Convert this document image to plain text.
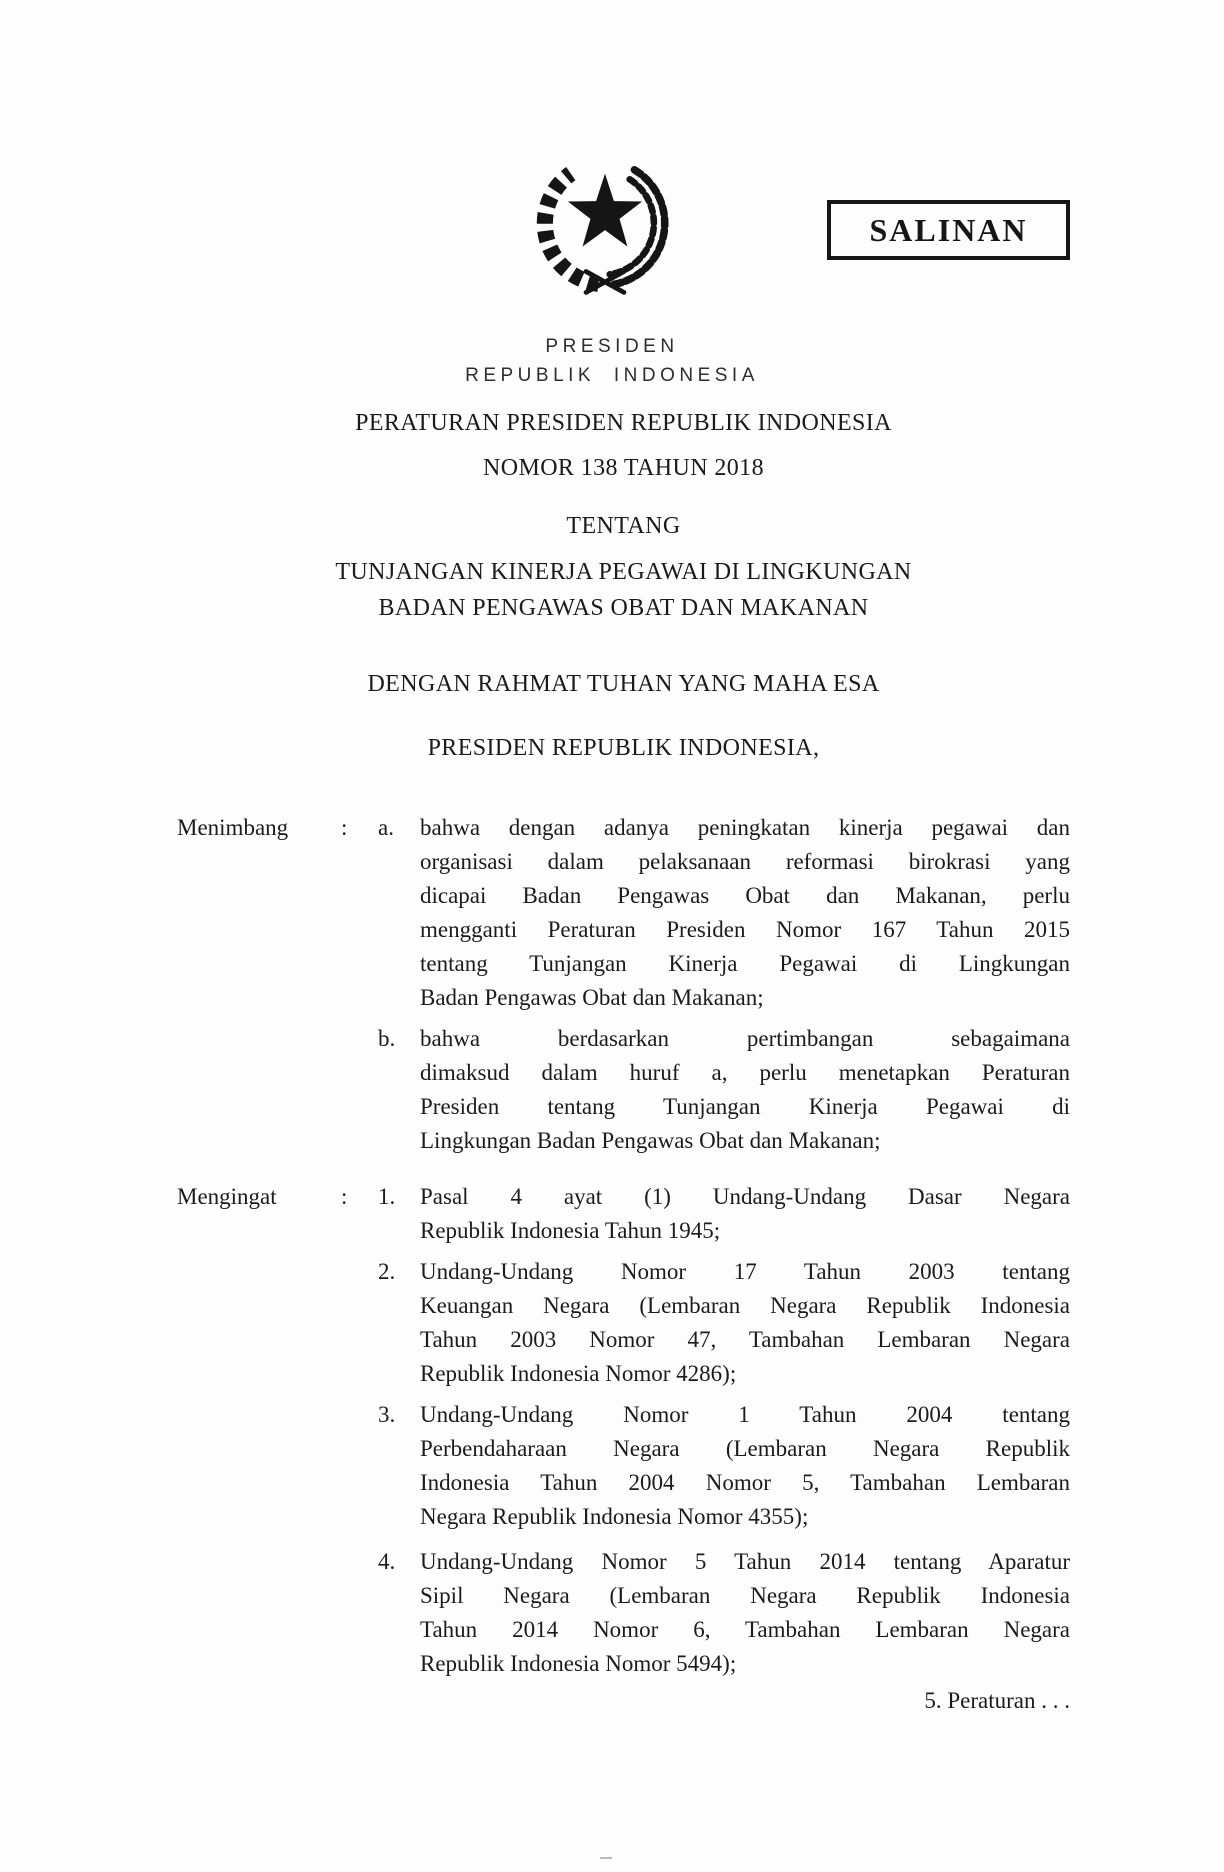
SALINAN
PRESIDEN
REPUBLIK INDONESIA
PERATURAN PRESIDEN REPUBLIK INDONESIA
NOMOR 138 TAHUN 2018
TENTANG
TUNJANGAN KINERJA PEGAWAI DI LINGKUNGAN
BADAN PENGAWAS OBAT DAN MAKANAN
DENGAN RAHMAT TUHAN YANG MAHA ESA
PRESIDEN REPUBLIK INDONESIA,
Menimbang	:	a.	bahwa dengan adanya peningkatan kinerja pegawai dan
organisasi dalam pelaksanaan reformasi birokrasi yang
dicapai Badan Pengawas Obat dan Makanan, perlu
mengganti Peraturan Presiden Nomor 167 Tahun 2015
tentang Tunjangan Kinerja Pegawai di Lingkungan
Badan Pengawas Obat dan Makanan;
b.	bahwa berdasarkan pertimbangan sebagaimana
dimaksud dalam huruf a, perlu menetapkan Peraturan
Presiden tentang Tunjangan Kinerja Pegawai di
Lingkungan Badan Pengawas Obat dan Makanan;
Mengingat	:	1.	Pasal 4 ayat (1) Undang-Undang Dasar Negara
Republik Indonesia Tahun 1945;
2.	Undang-Undang Nomor 17 Tahun 2003 tentang
Keuangan Negara (Lembaran Negara Republik Indonesia
Tahun 2003 Nomor 47, Tambahan Lembaran Negara
Republik Indonesia Nomor 4286);
3.	Undang-Undang Nomor 1 Tahun 2004 tentang
Perbendaharaan Negara (Lembaran Negara Republik
Indonesia Tahun 2004 Nomor 5, Tambahan Lembaran
Negara Republik Indonesia Nomor 4355);
4.	Undang-Undang Nomor 5 Tahun 2014 tentang Aparatur
Sipil Negara (Lembaran Negara Republik Indonesia
Tahun 2014 Nomor 6, Tambahan Lembaran Negara
Republik Indonesia Nomor 5494);
5. Peraturan . . .
